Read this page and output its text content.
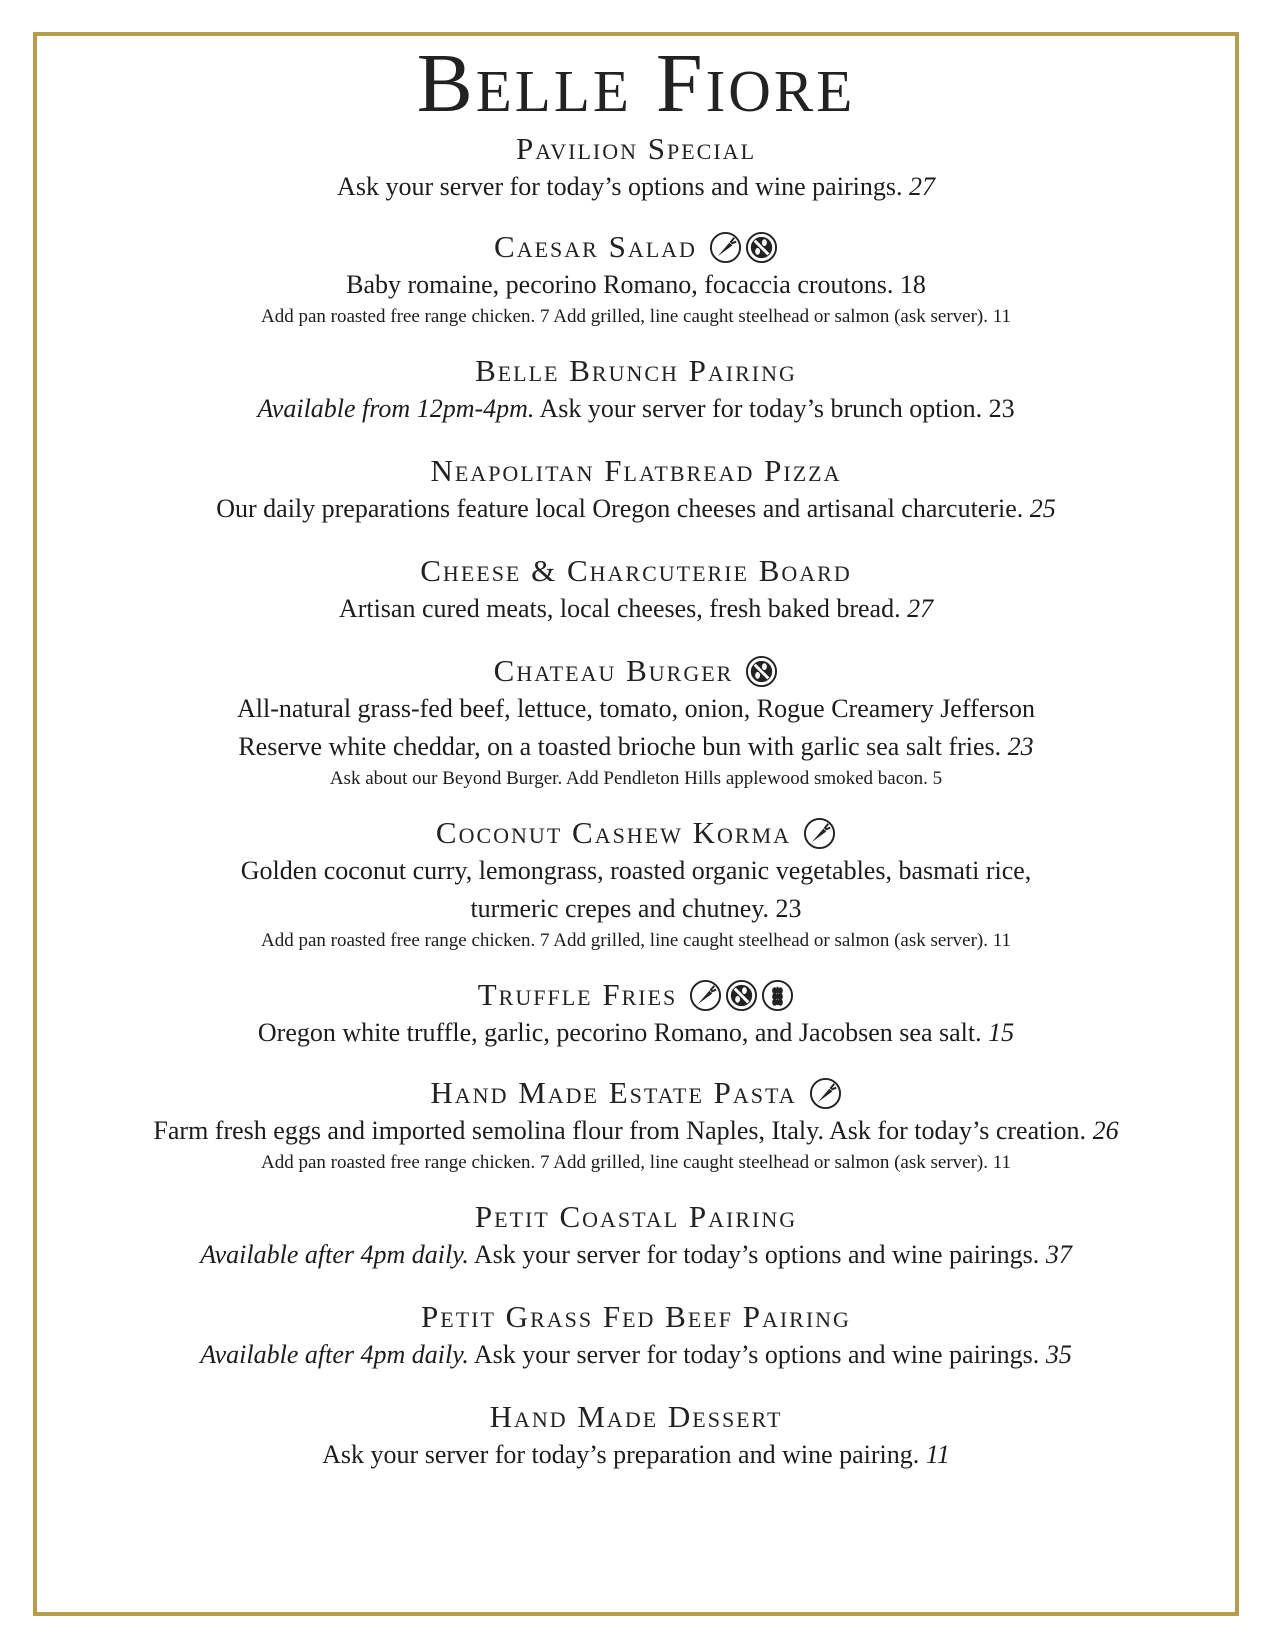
Belle Fiore
Pavilion Special
Ask your server for today’s options and wine pairings. 27
Caesar Salad
Baby romaine, pecorino Romano, focaccia croutons. 18
Add pan roasted free range chicken. 7 Add grilled, line caught steelhead or salmon (ask server). 11
Belle Brunch Pairing
Available from 12pm-4pm. Ask your server for today’s brunch option. 23
Neapolitan Flatbread Pizza
Our daily preparations feature local Oregon cheeses and artisanal charcuterie. 25
Cheese & Charcuterie Board
Artisan cured meats, local cheeses, fresh baked bread. 27
Chateau Burger
All-natural grass-fed beef, lettuce, tomato, onion, Rogue Creamery Jefferson
Reserve white cheddar, on a toasted brioche bun with garlic sea salt fries. 23
Ask about our Beyond Burger. Add Pendleton Hills applewood smoked bacon. 5
Coconut Cashew Korma
Golden coconut curry, lemongrass, roasted organic vegetables, basmati rice,
turmeric crepes and chutney. 23
Add pan roasted free range chicken. 7 Add grilled, line caught steelhead or salmon (ask server). 11
Truffle Fries
Oregon white truffle, garlic, pecorino Romano, and Jacobsen sea salt. 15
Hand Made Estate Pasta
Farm fresh eggs and imported semolina flour from Naples, Italy. Ask for today’s creation. 26
Add pan roasted free range chicken. 7 Add grilled, line caught steelhead or salmon (ask server). 11
Petit Coastal Pairing
Available after 4pm daily. Ask your server for today’s options and wine pairings. 37
Petit Grass Fed Beef Pairing
Available after 4pm daily. Ask your server for today’s options and wine pairings. 35
Hand Made Dessert
Ask your server for today’s preparation and wine pairing. 11
